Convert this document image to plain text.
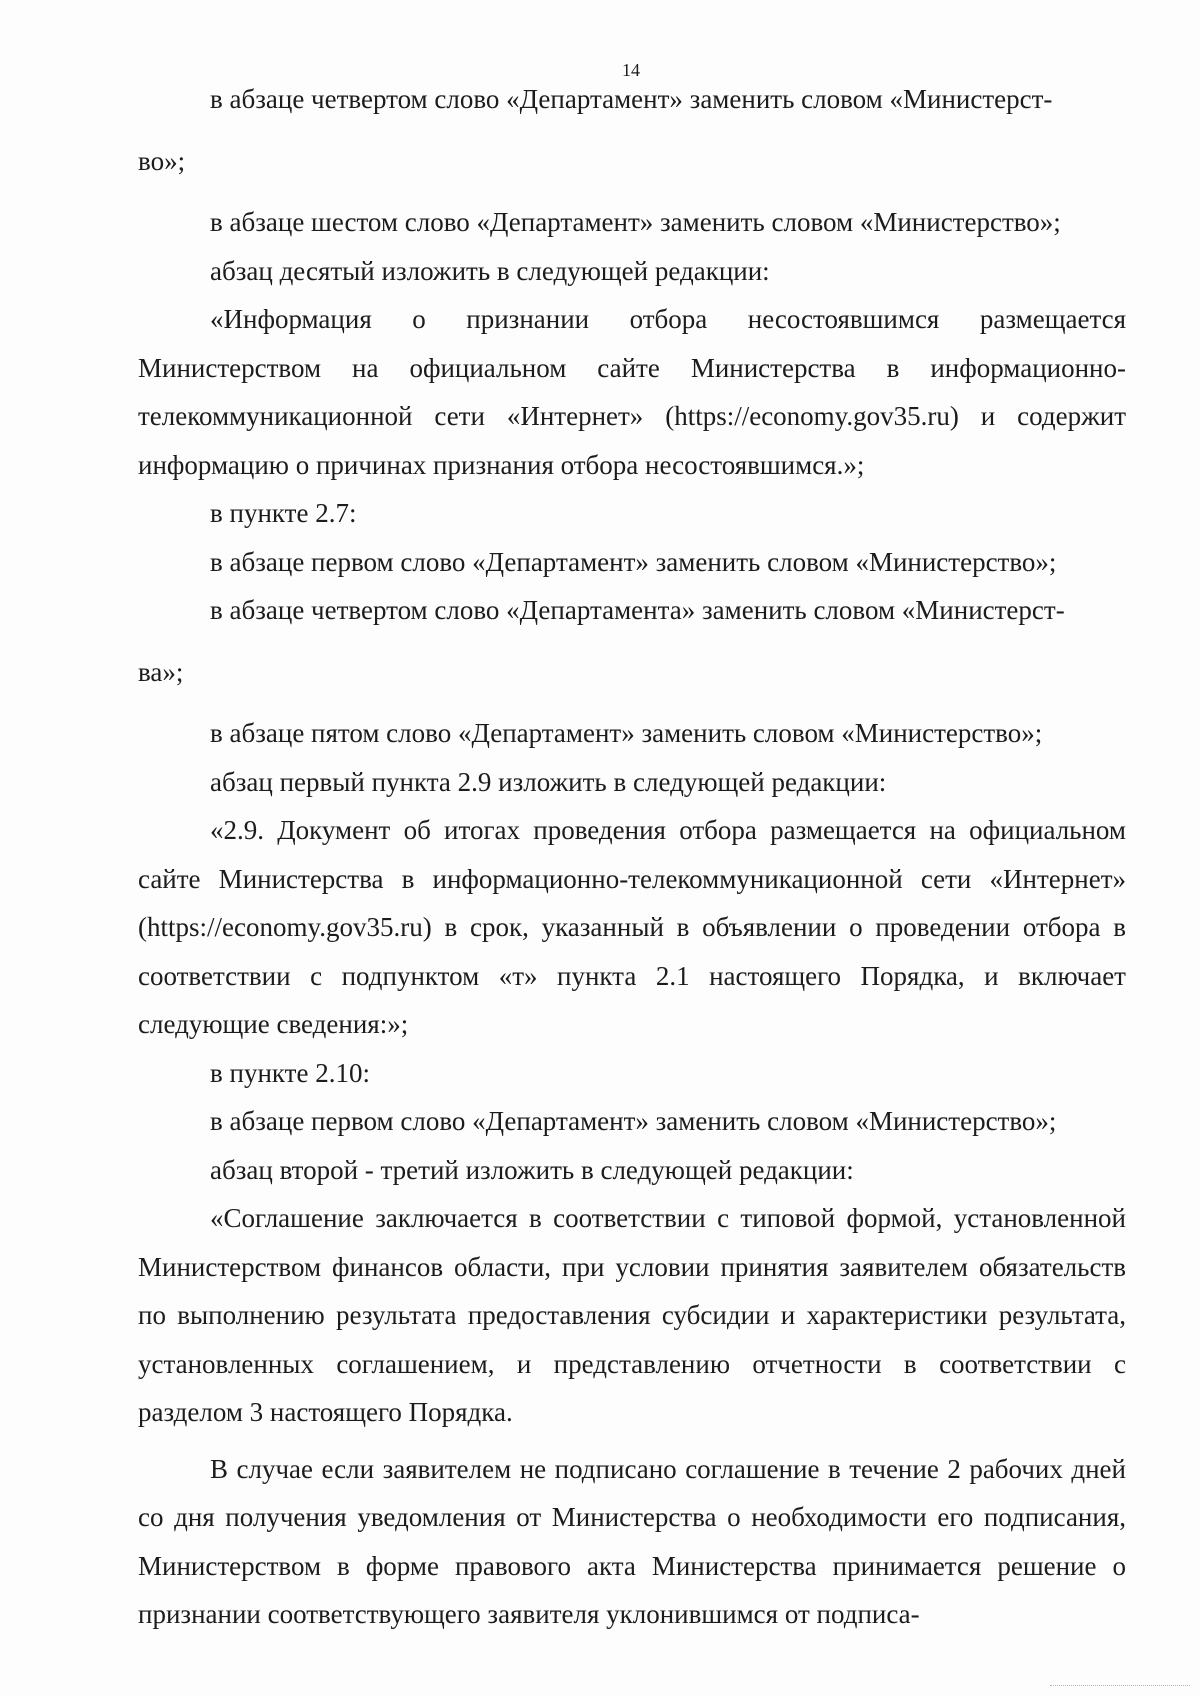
14

в абзаце четвертом слово «Департамент» заменить словом «Министерст-

во»;

в абзаце шестом слово «Департамент» заменить словом «Министерство»;

абзац десятый изложить в следующей редакции:

«Информация о признании отбора несостоявшимся размещается Министерством на официальном сайте Министерства в информационно-телекоммуникационной сети «Интернет» (https://economy.gov35.ru) и содержит информацию о причинах признания отбора несостоявшимся.»;

в пункте 2.7:

в абзаце первом слово «Департамент» заменить словом «Министерство»;

в абзаце четвертом слово «Департамента» заменить словом «Министерст-

ва»;

в абзаце пятом слово «Департамент» заменить словом «Министерство»;

абзац первый пункта 2.9 изложить в следующей редакции:

«2.9. Документ об итогах проведения отбора размещается на официальном сайте Министерства в информационно-телекоммуникационной сети «Интернет» (https://economy.gov35.ru) в срок, указанный в объявлении о проведении отбора в соответствии с подпунктом «т» пункта 2.1 настоящего Порядка, и включает следующие сведения:»;

в пункте 2.10:

в абзаце первом слово «Департамент» заменить словом «Министерство»;

абзац второй - третий изложить в следующей редакции:

«Соглашение заключается в соответствии с типовой формой, установленной Министерством финансов области, при условии принятия заявителем обязательств по выполнению результата предоставления субсидии и характеристики результата, установленных соглашением, и представлению отчетности в соответствии с разделом 3 настоящего Порядка.

В случае если заявителем не подписано соглашение в течение 2 рабочих дней со дня получения уведомления от Министерства о необходимости его подписания, Министерством в форме правового акта Министерства принимается решение о признании соответствующего заявителя уклонившимся от подписа-
